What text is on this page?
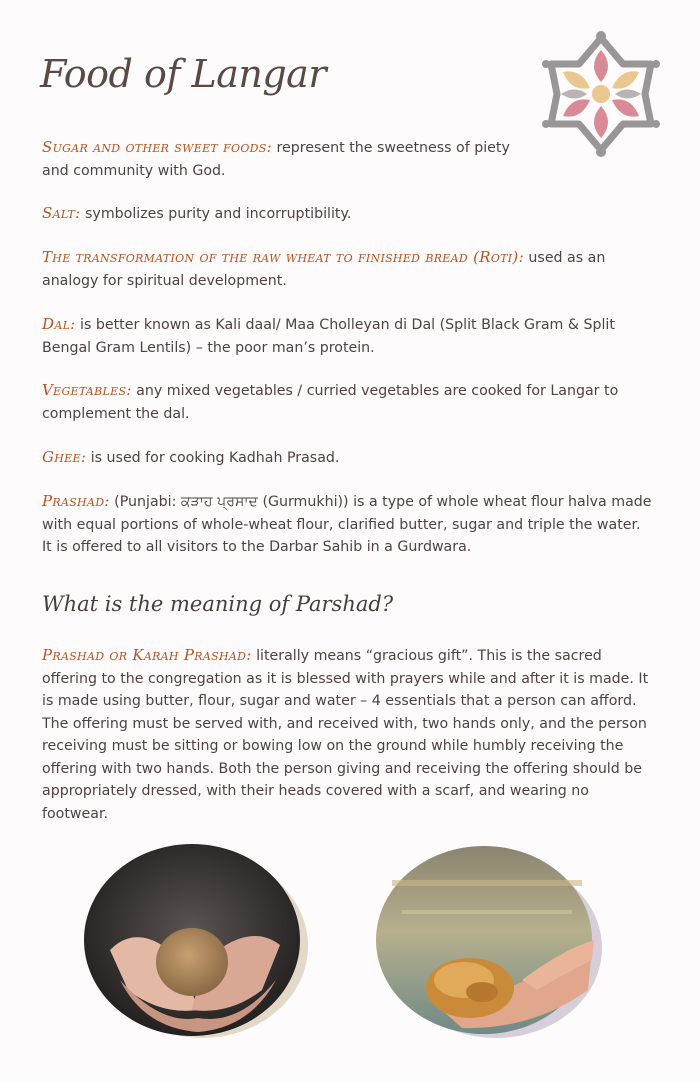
Food of Langar

Sugar and other sweet foods: represent the sweetness of piety and community with God.

Salt: symbolizes purity and incorruptibility.

The transformation of the raw wheat to finished bread (Roti): used as an analogy for spiritual development.

Dal: is better known as Kali daal/ Maa Cholleyan di Dal (Split Black Gram & Split Bengal Gram Lentils) – the poor man’s protein.

Vegetables: any mixed vegetables / curried vegetables are cooked for Langar to complement the dal.

Ghee: is used for cooking Kadhah Prasad.

Prashad: (Punjabi: ਕੜਾਹ ਪ੍ਰਸਾਦ (Gurmukhi)) is a type of whole wheat flour halva made with equal portions of whole-wheat flour, clarified butter, sugar and triple the water. It is offered to all visitors to the Darbar Sahib in a Gurdwara.

What is the meaning of Parshad?

Prashad or Karah Prashad: literally means “gracious gift”. This is the sacred offering to the congregation as it is blessed with prayers while and after it is made. It is made using butter, flour, sugar and water – 4 essentials that a person can afford. The offering must be served with, and received with, two hands only, and the person receiving must be sitting or bowing low on the ground while humbly receiving the offering with two hands. Both the person giving and receiving the offering should be appropriately dressed, with their heads covered with a scarf, and wearing no footwear.
